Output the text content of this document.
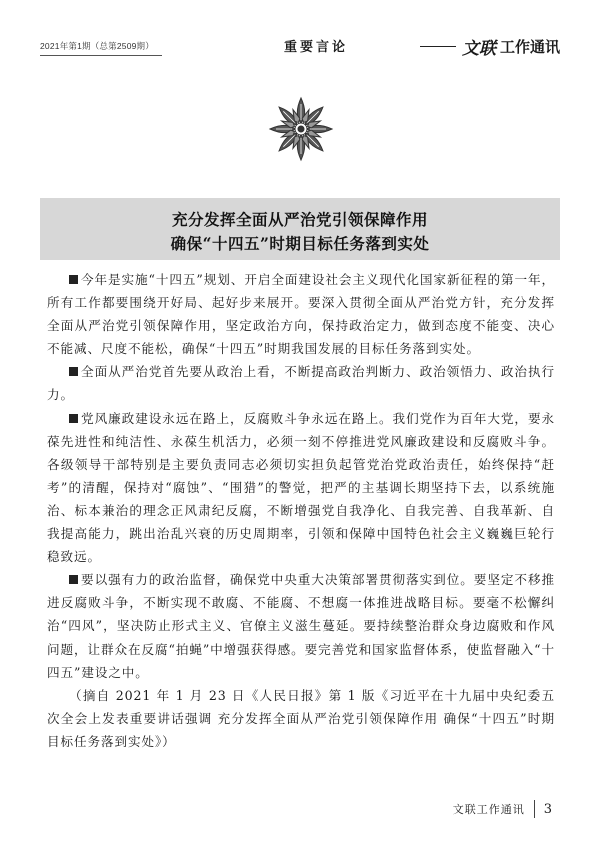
2021年第1期（总第2509期）	重要言论	文联 工作通讯
充分发挥全面从严治党引领保障作用
确保“十四五”时期目标任务落到实处

今年是实施“十四五”规划、开启全面建设社会主义现代化国家新征程的第一年，所有工作都要围绕开好局、起好步来展开。要深入贯彻全面从严治党方针，充分发挥全面从严治党引领保障作用，坚定政治方向，保持政治定力，做到态度不能变、决心不能减、尺度不能松，确保“十四五”时期我国发展的目标任务落到实处。

全面从严治党首先要从政治上看，不断提高政治判断力、政治领悟力、政治执行力。

党风廉政建设永远在路上，反腐败斗争永远在路上。我们党作为百年大党，要永葆先进性和纯洁性、永葆生机活力，必须一刻不停推进党风廉政建设和反腐败斗争。各级领导干部特别是主要负责同志必须切实担负起管党治党政治责任，始终保持“赶考”的清醒，保持对“腐蚀”、“围猎”的警觉，把严的主基调长期坚持下去，以系统施治、标本兼治的理念正风肃纪反腐，不断增强党自我净化、自我完善、自我革新、自我提高能力，跳出治乱兴衰的历史周期率，引领和保障中国特色社会主义巍巍巨轮行稳致远。

要以强有力的政治监督，确保党中央重大决策部署贯彻落实到位。要坚定不移推进反腐败斗争，不断实现不敢腐、不能腐、不想腐一体推进战略目标。要毫不松懈纠治“四风”，坚决防止形式主义、官僚主义滋生蔓延。要持续整治群众身边腐败和作风问题，让群众在反腐“拍蝇”中增强获得感。要完善党和国家监督体系，使监督融入“十四五”建设之中。

（摘自 2021 年 1 月 23 日《人民日报》第 1 版《习近平在十九届中央纪委五次全会上发表重要讲话强调 充分发挥全面从严治党引领保障作用 确保“十四五”时期目标任务落到实处》）

文联工作通讯 3
